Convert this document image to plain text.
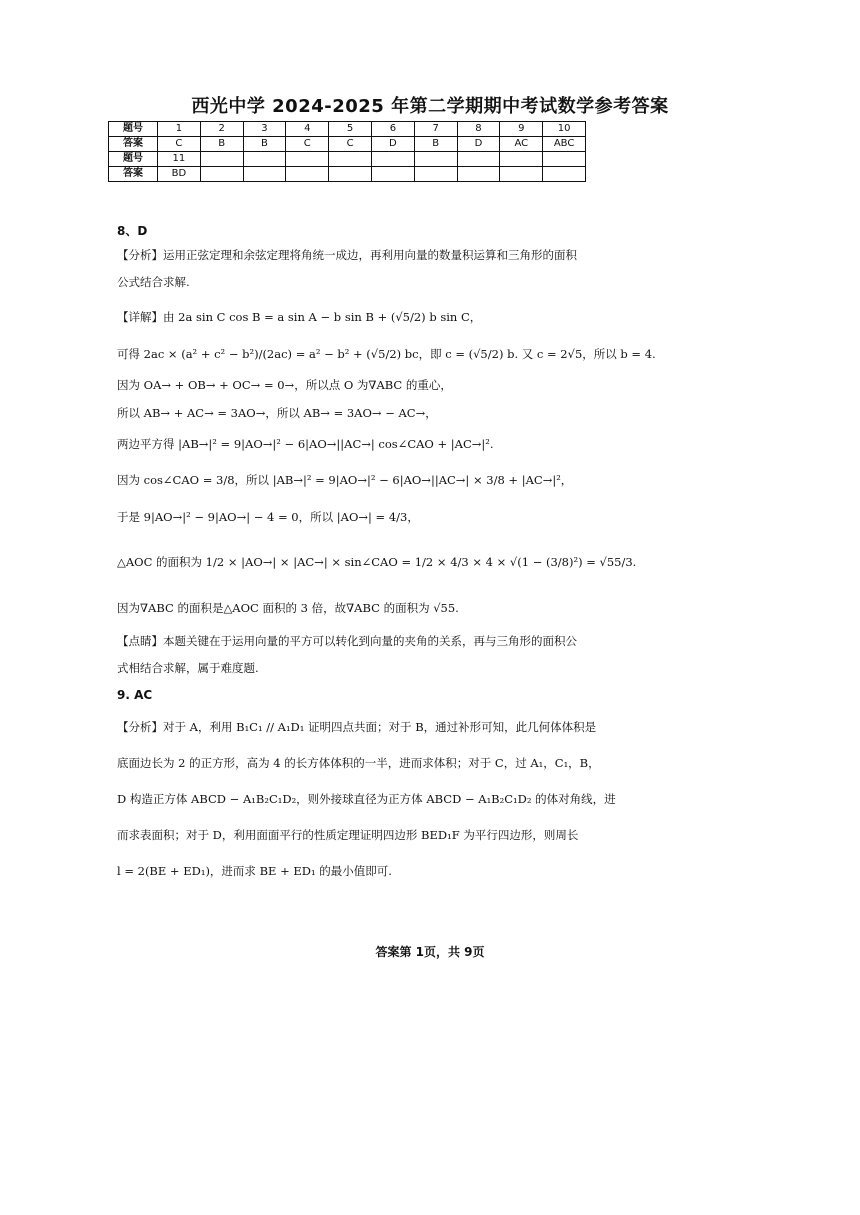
西光中学 2024-2025 年第二学期期中考试数学参考答案
题号	1	2	3	4	5	6	7	8	9	10
答案	C	B	B	C	C	D	B	D	AC	ABC
题号	11									
答案	BD									
8、D
【分析】运用正弦定理和余弦定理将角统一成边，再利用向量的数量积运算和三角形的面积
公式结合求解.
【详解】由 2a sin C cos B = a sin A − b sin B + (√5/2) b sin C，
可得 2ac × (a² + c² − b²)/(2ac) = a² − b² + (√5/2) bc，即 c = (√5/2) b. 又 c = 2√5，所以 b = 4.
因为 OA→ + OB→ + OC→ = 0→，所以点 O 为∇ABC 的重心，
所以 AB→ + AC→ = 3AO→，所以 AB→ = 3AO→ − AC→，
两边平方得 |AB→|² = 9|AO→|² − 6|AO→||AC→| cos∠CAO + |AC→|².
因为 cos∠CAO = 3/8，所以 |AB→|² = 9|AO→|² − 6|AO→||AC→| × 3/8 + |AC→|²，
于是 9|AO→|² − 9|AO→| − 4 = 0，所以 |AO→| = 4/3，
△AOC 的面积为 1/2 × |AO→| × |AC→| × sin∠CAO = 1/2 × 4/3 × 4 × √(1 − (3/8)²) = √55/3.
因为∇ABC 的面积是△AOC 面积的 3 倍，故∇ABC 的面积为 √55.
【点睛】本题关键在于运用向量的平方可以转化到向量的夹角的关系，再与三角形的面积公
式相结合求解，属于难度题.
9. AC
【分析】对于 A，利用 B₁C₁ // A₁D₁ 证明四点共面；对于 B，通过补形可知，此几何体体积是
底面边长为 2 的正方形，高为 4 的长方体体积的一半，进而求体积；对于 C，过 A₁，C₁，B，
D 构造正方体 ABCD − A₁B₂C₁D₂，则外接球直径为正方体 ABCD − A₁B₂C₁D₂ 的体对角线，进
而求表面积；对于 D，利用面面平行的性质定理证明四边形 BED₁F 为平行四边形，则周长
l = 2(BE + ED₁)，进而求 BE + ED₁ 的最小值即可.
答案第 1页，共 9页
